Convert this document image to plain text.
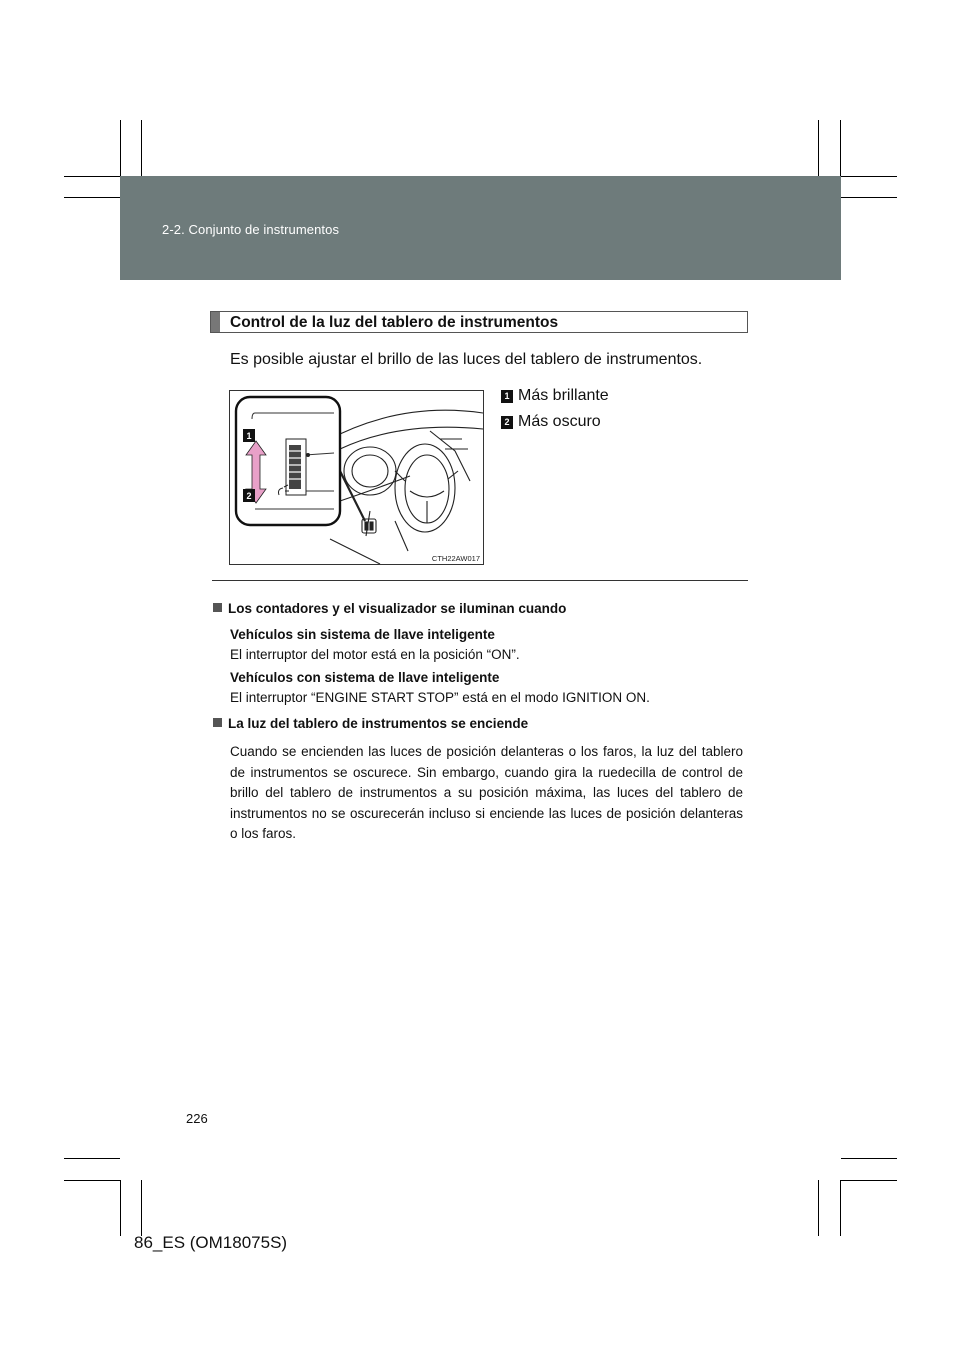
2-2. Conjunto de instrumentos
Control de la luz del tablero de instrumentos
Es posible ajustar el brillo de las luces del tablero de instrumentos.
1
2
CTH22AW017
1 Más brillante
2 Más oscuro
Los contadores y el visualizador se iluminan cuando
Vehículos sin sistema de llave inteligente
El interruptor del motor está en la posición “ON”.
Vehículos con sistema de llave inteligente
El interruptor “ENGINE START STOP” está en el modo IGNITION ON.
La luz del tablero de instrumentos se enciende
Cuando se encienden las luces de posición delanteras o los faros, la luz del tablero de instrumentos se oscurece. Sin embargo, cuando gira la ruedecilla de control de brillo del tablero de instrumentos a su posición máxima, las luces del tablero de instrumentos no se oscurecerán incluso si enciende las luces de posición delanteras o los faros.
226
86_ES (OM18075S)
